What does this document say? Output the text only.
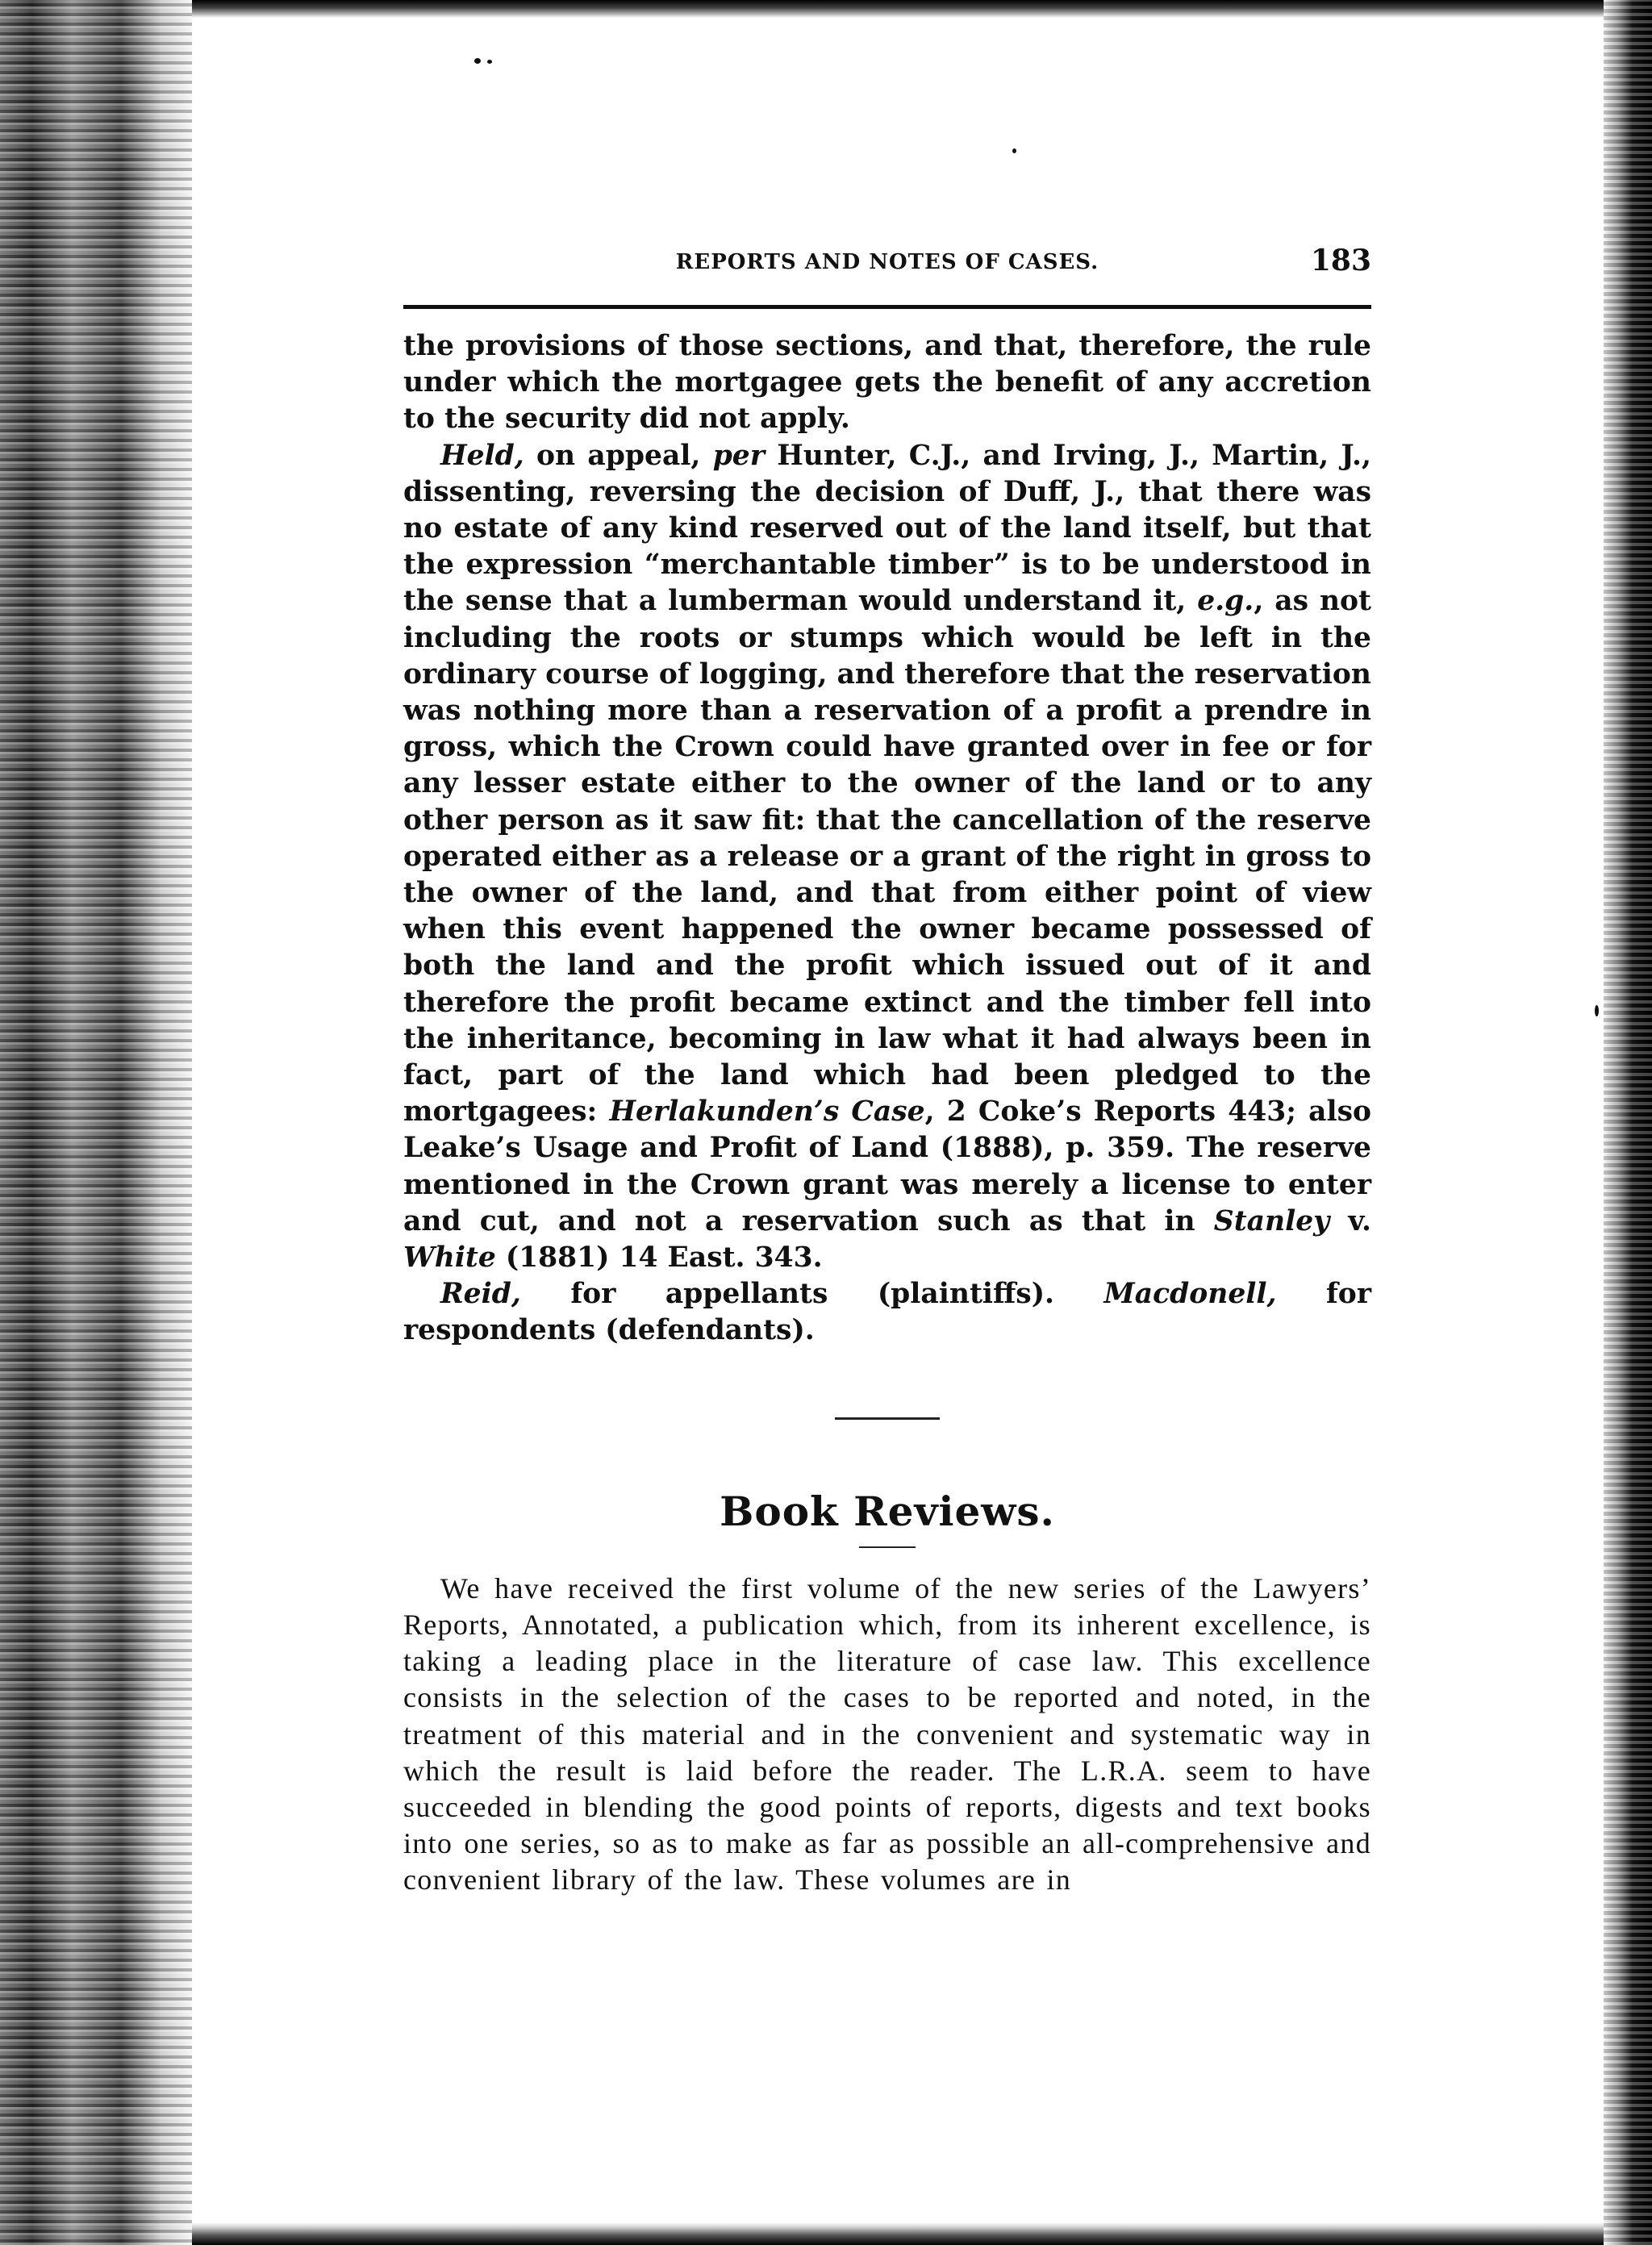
REPORTS AND NOTES OF CASES.	183

the provisions of those sections, and that, therefore, the rule under which the mortgagee gets the benefit of any accretion to the security did not apply.

Held, on appeal, per Hunter, C.J., and Irving, J., Martin, J., dissenting, reversing the decision of Duff, J., that there was no estate of any kind reserved out of the land itself, but that the expression “merchantable timber” is to be understood in the sense that a lumberman would understand it, e.g., as not including the roots or stumps which would be left in the ordinary course of logging, and therefore that the reservation was nothing more than a reservation of a profit a prendre in gross, which the Crown could have granted over in fee or for any lesser estate either to the owner of the land or to any other person as it saw fit: that the cancellation of the reserve operated either as a release or a grant of the right in gross to the owner of the land, and that from either point of view when this event happened the owner became possessed of both the land and the profit which issued out of it and therefore the profit became extinct and the timber fell into the inheritance, becoming in law what it had always been in fact, part of the land which had been pledged to the mortgagees: Herlakunden’s Case, 2 Coke’s Reports 443; also Leake’s Usage and Profit of Land (1888), p. 359. The reserve mentioned in the Crown grant was merely a license to enter and cut, and not a reservation such as that in Stanley v. White (1881) 14 East. 343.

Reid, for appellants (plaintiffs). Macdonell, for respondents (defendants).

Book Reviews.

We have received the first volume of the new series of the Lawyers’ Reports, Annotated, a publication which, from its inherent excellence, is taking a leading place in the literature of case law. This excellence consists in the selection of the cases to be reported and noted, in the treatment of this material and in the convenient and systematic way in which the result is laid before the reader. The L.R.A. seem to have succeeded in blending the good points of reports, digests and text books into one series, so as to make as far as possible an all-comprehensive and convenient library of the law. These volumes are in
